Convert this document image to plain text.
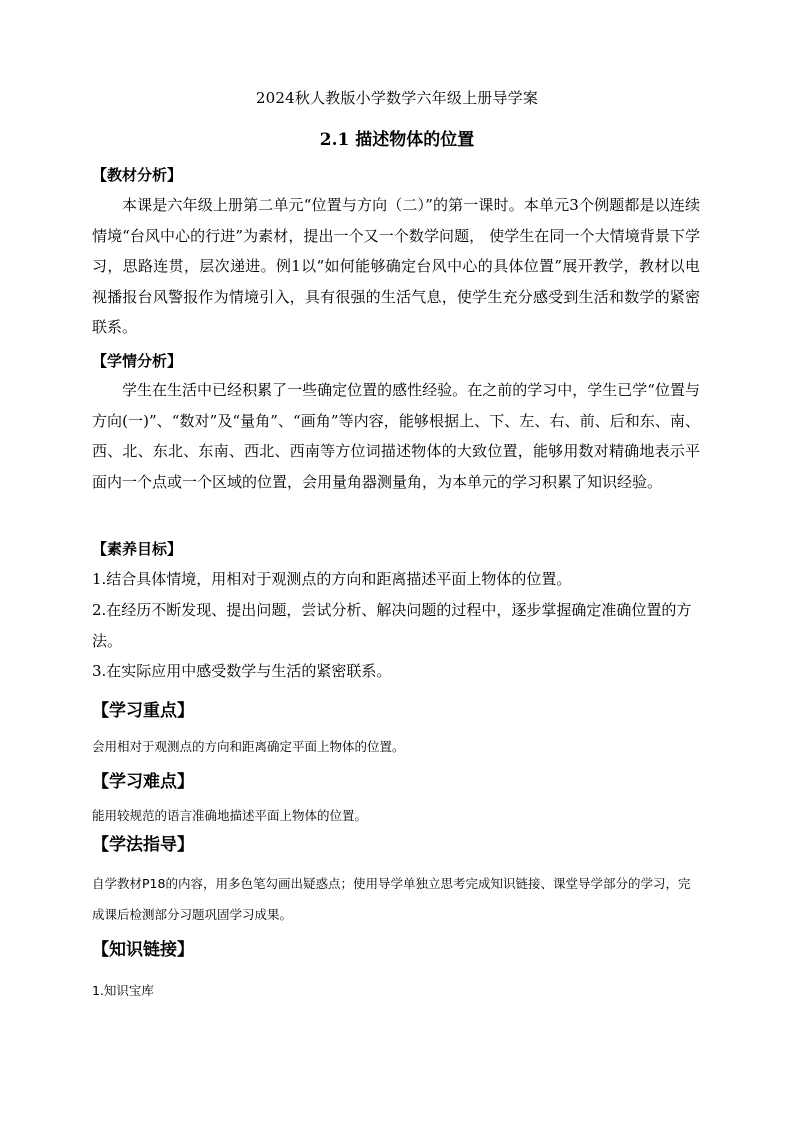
2024秋人教版小学数学六年级上册导学案
2.1 描述物体的位置
【教材分析】

本课是六年级上册第二单元“位置与方向（二）”的第一课时。本单元3个例题都是以连续情境“台风中心的行进”为素材，提出一个又一个数学问题， 使学生在同一个大情境背景下学习，思路连贯，层次递进。例1以“如何能够确定台风中心的具体位置”展开教学，教材以电视播报台风警报作为情境引入，具有很强的生活气息，使学生充分感受到生活和数学的紧密联系。

【学情分析】

学生在生活中已经积累了一些确定位置的感性经验。在之前的学习中，学生已学“位置与方向(一)”、“数对”及“量角”、“画角”等内容，能够根据上、下、左、右、前、后和东、南、西、北、东北、东南、西北、西南等方位词描述物体的大致位置，能够用数对精确地表示平面内一个点或一个区域的位置，会用量角器测量角，为本单元的学习积累了知识经验。

【素养目标】

1.结合具体情境，用相对于观测点的方向和距离描述平面上物体的位置。

2.在经历不断发现、提出问题，尝试分析、解决问题的过程中，逐步掌握确定准确位置的方法。

3.在实际应用中感受数学与生活的紧密联系。

【学习重点】

会用相对于观测点的方向和距离确定平面上物体的位置。

【学习难点】

能用较规范的语言准确地描述平面上物体的位置。

【学法指导】

自学教材P18的内容，用多色笔勾画出疑惑点；使用导学单独立思考完成知识链接、课堂导学部分的学习，完成课后检测部分习题巩固学习成果。

【知识链接】

1.知识宝库
